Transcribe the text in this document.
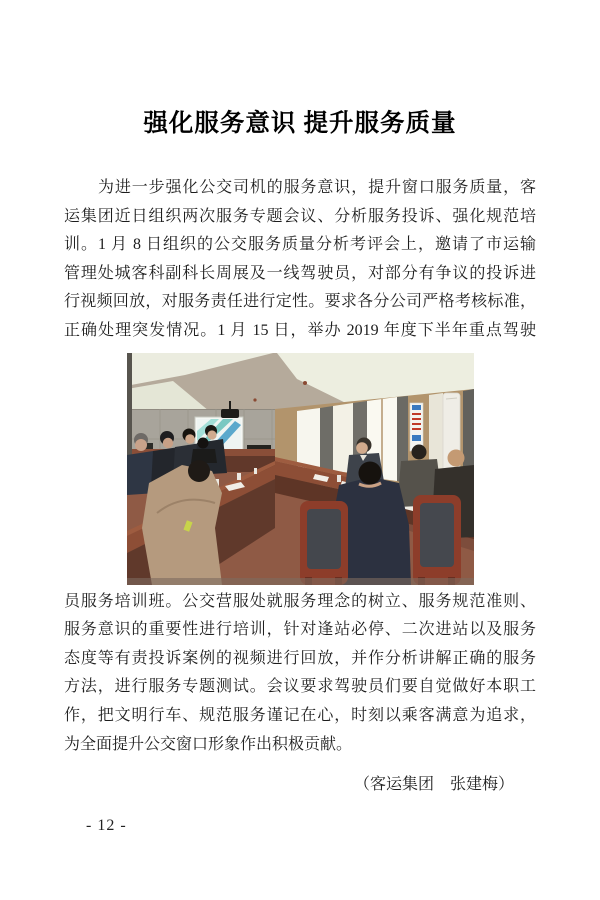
强化服务意识 提升服务质量
为进一步强化公交司机的服务意识，提升窗口服务质量，客
运集团近日组织两次服务专题会议、分析服务投诉、强化规范培
训。1 月 8 日组织的公交服务质量分析考评会上，邀请了市运输
管理处城客科副科长周展及一线驾驶员，对部分有争议的投诉进
行视频回放，对服务责任进行定性。要求各分公司严格考核标准，
正确处理突发情况。1 月 15 日，举办 2019 年度下半年重点驾驶
员服务培训班。公交营服处就服务理念的树立、服务规范准则、
服务意识的重要性进行培训，针对逢站必停、二次进站以及服务
态度等有责投诉案例的视频进行回放，并作分析讲解正确的服务
方法，进行服务专题测试。会议要求驾驶员们要自觉做好本职工
作，把文明行车、规范服务谨记在心，时刻以乘客满意为追求，
为全面提升公交窗口形象作出积极贡献。
（客运集团　张建梅）
- 12 -
